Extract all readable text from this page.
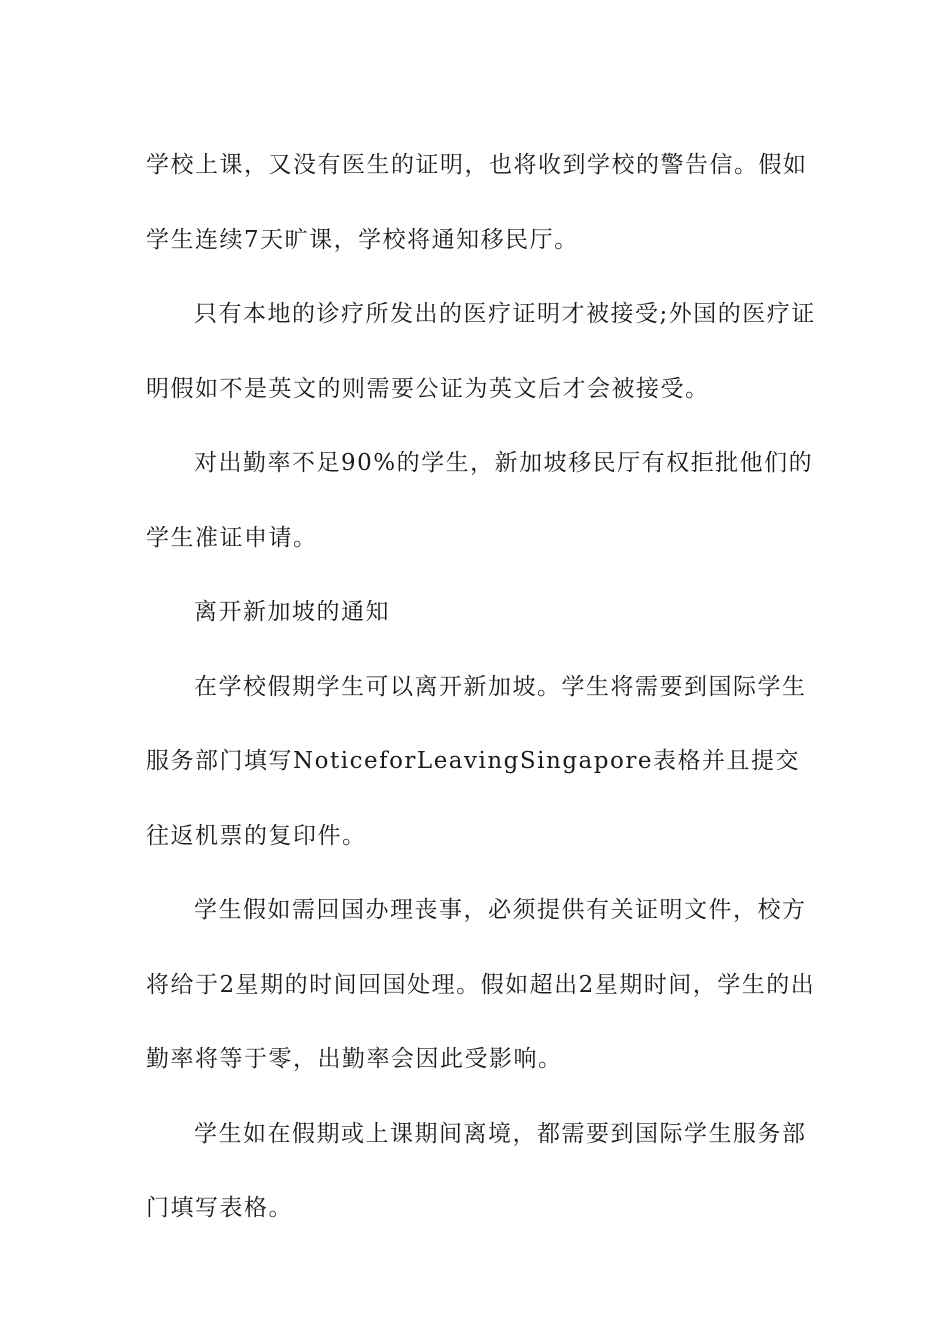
学校上课，又没有医生的证明，也将收到学校的警告信。假如学生连续7天旷课，学校将通知移民厅。

只有本地的诊疗所发出的医疗证明才被接受;外国的医疗证明假如不是英文的则需要公证为英文后才会被接受。

对出勤率不足90%的学生，新加坡移民厅有权拒批他们的学生准证申请。

离开新加坡的通知

在学校假期学生可以离开新加坡。学生将需要到国际学生服务部门填写NoticeforLeavingSingapore表格并且提交往返机票的复印件。

学生假如需回国办理丧事，必须提供有关证明文件，校方将给于2星期的时间回国处理。假如超出2星期时间，学生的出勤率将等于零，出勤率会因此受影响。

学生如在假期或上课期间离境，都需要到国际学生服务部门填写表格。
